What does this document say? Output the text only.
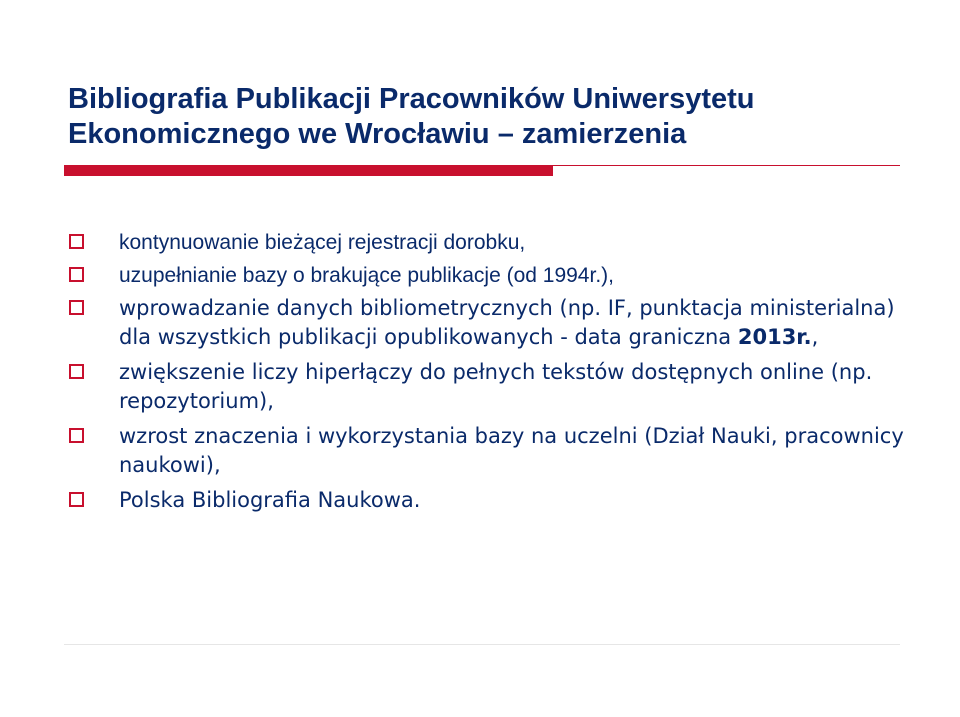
Bibliografia Publikacji Pracowników Uniwersytetu
Ekonomicznego we Wrocławiu – zamierzenia
kontynuowanie bieżącej rejestracji dorobku,
uzupełnianie bazy o brakujące publikacje (od 1994r.),
wprowadzanie danych bibliometrycznych (np. IF, punktacja ministerialna) dla wszystkich publikacji opublikowanych - data graniczna 2013r.,
zwiększenie liczy hiperłączy do pełnych tekstów dostępnych online (np. repozytorium),
wzrost znaczenia i wykorzystania bazy na uczelni (Dział Nauki, pracownicy naukowi),
Polska Bibliografia Naukowa.
